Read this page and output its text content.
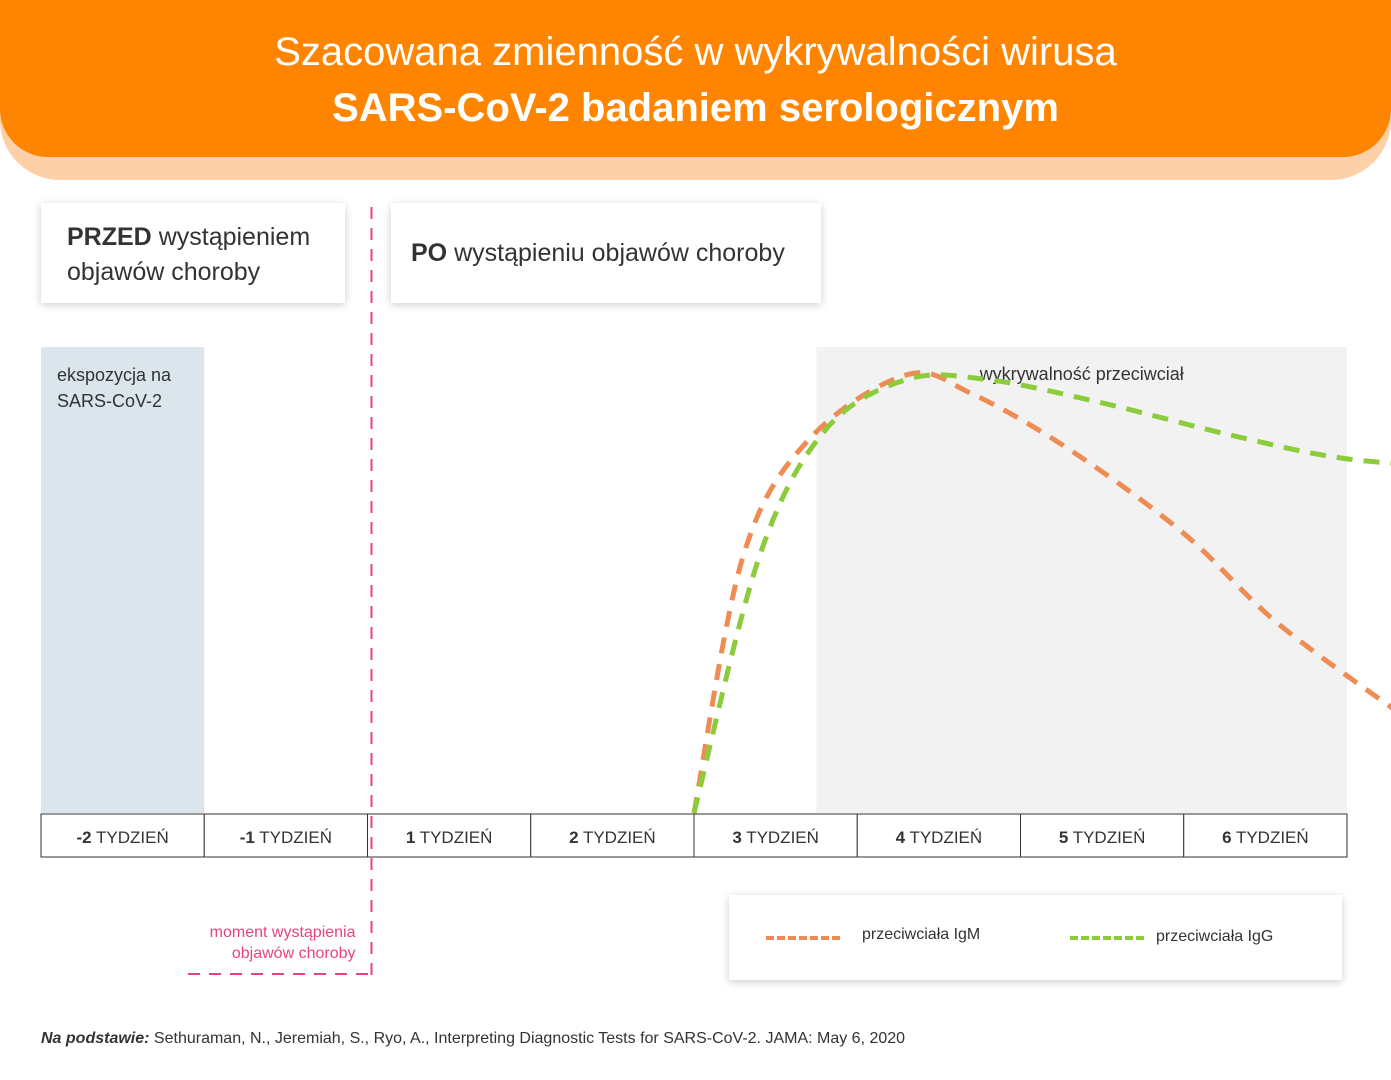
Szacowana zmienność w wykrywalności wirusa
SARS-CoV-2 badaniem serologicznym
PRZED wystąpieniem
objawów choroby
PO wystąpieniu objawów choroby
ekspozycja na
SARS-CoV-2
wykrywalność przeciwciał
-2 TYDZIEŃ	-1 TYDZIEŃ	1 TYDZIEŃ	2 TYDZIEŃ	3 TYDZIEŃ	4 TYDZIEŃ	5 TYDZIEŃ	6 TYDZIEŃ
moment wystąpienia
objawów choroby
przeciwciała IgM	przeciwciała IgG
Na podstawie: Sethuraman, N., Jeremiah, S., Ryo, A., Interpreting Diagnostic Tests for SARS-CoV-2. JAMA: May 6, 2020
